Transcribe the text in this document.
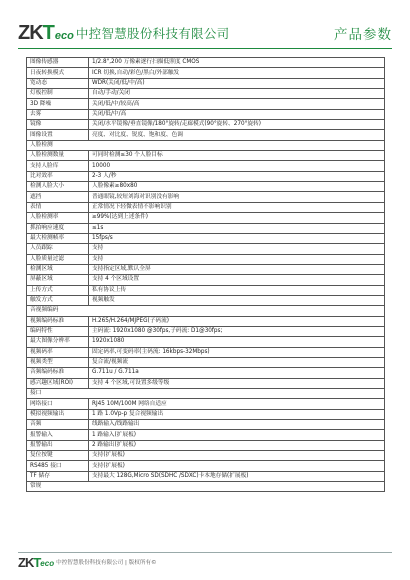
ZK T eco 中控智慧股份科技有限公司	产品参数
图像传感器	1/2.8",200 万像素逐行扫描低照度 CMOS
日夜转换模式	ICR 切换,自动/彩色/黑白/外部触发
宽动态	WDR(关闭/低/中/高)
灯板控制	自动/手动/关闭
3D 降噪	关闭/低/中/较高/高
去雾	关闭/低/中/高
镜像	关闭/水平镜像/垂直镜像/180°旋转/走廊模式(90°旋转、270°旋转)
图像设置	亮度、对比度、锐度、饱和度、色调
人脸检测	
人脸检测数量	可同时检测≤30 个人脸目标
支持人脸库	10000
比对效率	2-3 人/秒
检测人脸大小	人脸像素≥80x80
遮挡	普通眼镜,较短刘海对识别没有影响
表情	正常情况下轻微表情不影响识别
人脸检测率	≥99%(达到上述条件)
抓拍响应速度	≤1s
最大检测帧率	15fps/s
人员跟踪	支持
人脸质量过滤	支持
检测区域	支持指定区域,默认全屏
屏蔽区域	支持 4 个区域设置
上传方式	私有协议上传
触发方式	视频触发
音视频编码	
视频编码标准	H.265/H.264/MJPEG(子码流)
编码特性	主码流: 1920x1080 @30fps,子码流: D1@30fps;
最大图像分辨率	1920x1080
视频码率	固定码率,可变码率(主码流: 16kbps-32Mbps)
视频类型	复合流/视频流
音频编码标准	G.711u / G.711a
感兴趣区域(ROI)	支持 4 个区域,可设置多级等级
接口	
网络接口	RJ45 10M/100M 网络自适应
模拟视频输出	1 路 1.0Vp-p 复合视频输出
音频	线路输入/线路输出
报警输入	1 路输入(扩展板)
报警输出	2 路输出(扩展板)
复位按键	支持(扩展板)
RS485 接口	支持(扩展板)
TF 储存	支持最大 128G,Micro SD(SDHC /SDXC)卡本地存储(扩展板)
常规	
ZK T eco 中控智慧股份科技有限公司 | 版权所有©
